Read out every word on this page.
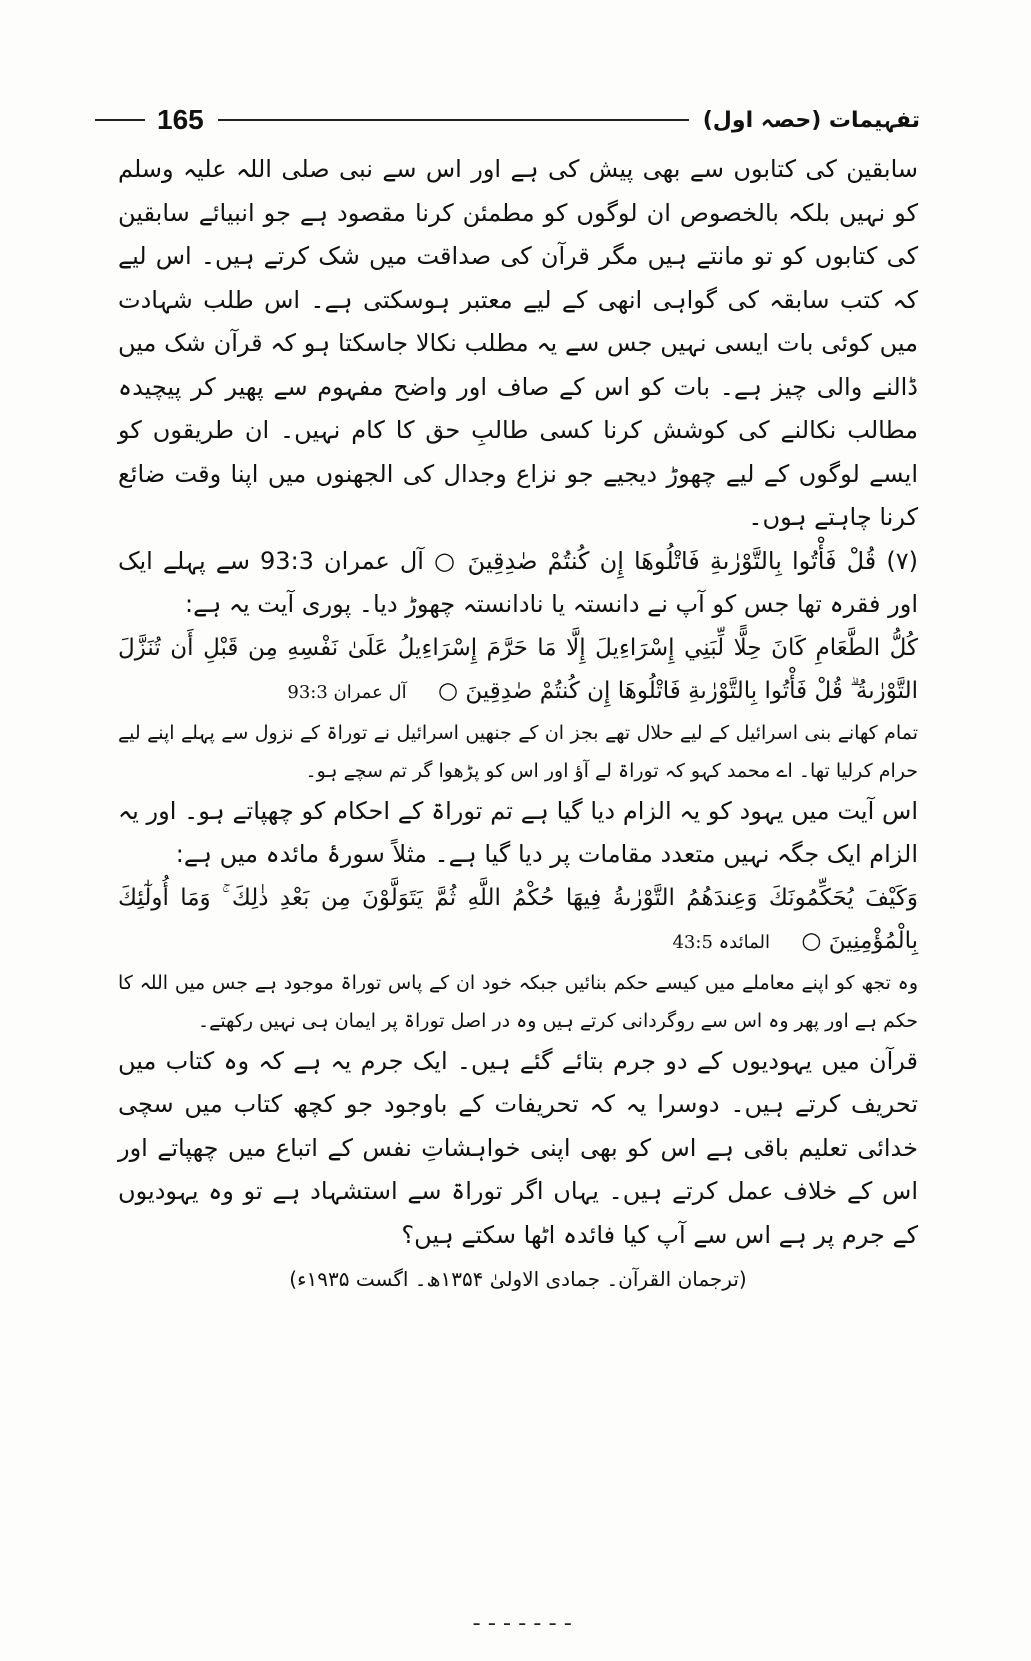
165	تفہیمات (حصہ اول)

سابقین کی کتابوں سے بھی پیش کی ہے اور اس سے نبی صلی اللہ علیہ وسلم کو نہیں بلکہ بالخصوص ان لوگوں کو مطمئن کرنا مقصود ہے جو انبیائے سابقین کی کتابوں کو تو مانتے ہیں مگر قرآن کی صداقت میں شک کرتے ہیں۔ اس لیے کہ کتب سابقہ کی گواہی انھی کے لیے معتبر ہوسکتی ہے۔ اس طلب شہادت میں کوئی بات ایسی نہیں جس سے یہ مطلب نکالا جاسکتا ہو کہ قرآن شک میں ڈالنے والی چیز ہے۔ بات کو اس کے صاف اور واضح مفہوم سے پھیر کر پیچیدہ مطالب نکالنے کی کوشش کرنا کسی طالبِ حق کا کام نہیں۔ ان طریقوں کو ایسے لوگوں کے لیے چھوڑ دیجیے جو نزاع وجدال کی الجھنوں میں اپنا وقت ضائع کرنا چاہتے ہوں۔

(۷) قُلْ فَأْتُوا بِالتَّوْرٰىةِ فَاتْلُوهَا إِن كُنتُمْ صٰدِقِينَ ○ آل عمران 93:3 سے پہلے ایک اور فقرہ تھا جس کو آپ نے دانستہ یا نادانستہ چھوڑ دیا۔ پوری آیت یہ ہے:

كُلُّ الطَّعَامِ كَانَ حِلًّا لِّبَنِي إِسْرَاءِيلَ إِلَّا مَا حَرَّمَ إِسْرَاءِيلُ عَلَىٰ نَفْسِهِ مِن قَبْلِ أَن تُنَزَّلَ التَّوْرٰىةُ ۗ قُلْ فَأْتُوا بِالتَّوْرٰىةِ فَاتْلُوهَا إِن كُنتُمْ صٰدِقِينَ ○ آل عمران 93:3

تمام کھانے بنی اسرائیل کے لیے حلال تھے بجز ان کے جنھیں اسرائیل نے توراۃ کے نزول سے پہلے اپنے لیے حرام کرلیا تھا۔ اے محمد کہو کہ توراۃ لے آؤ اور اس کو پڑھوا گر تم سچے ہو۔

اس آیت میں یہود کو یہ الزام دیا گیا ہے تم توراۃ کے احکام کو چھپاتے ہو۔ اور یہ الزام ایک جگہ نہیں متعدد مقامات پر دیا گیا ہے۔ مثلاً سورۂ مائدہ میں ہے:

وَكَيْفَ يُحَكِّمُونَكَ وَعِندَهُمُ التَّوْرٰىةُ فِيهَا حُكْمُ اللَّهِ ثُمَّ يَتَوَلَّوْنَ مِن بَعْدِ ذٰلِكَ ۚ وَمَا أُولٰٓئِكَ بِالْمُؤْمِنِينَ ○ المائدہ 43:5

وہ تجھ کو اپنے معاملے میں کیسے حکم بنائیں جبکہ خود ان کے پاس توراۃ موجود ہے جس میں اللہ کا حکم ہے اور پھر وہ اس سے روگردانی کرتے ہیں وہ در اصل توراۃ پر ایمان ہی نہیں رکھتے۔

قرآن میں یہودیوں کے دو جرم بتائے گئے ہیں۔ ایک جرم یہ ہے کہ وہ کتاب میں تحریف کرتے ہیں۔ دوسرا یہ کہ تحریفات کے باوجود جو کچھ کتاب میں سچی خدائی تعلیم باقی ہے اس کو بھی اپنی خواہشاتِ نفس کے اتباع میں چھپاتے اور اس کے خلاف عمل کرتے ہیں۔ یہاں اگر توراۃ سے استشہاد ہے تو وہ یہودیوں کے جرم پر ہے اس سے آپ کیا فائدہ اٹھا سکتے ہیں؟

(ترجمان القرآن۔ جمادی الاولیٰ ۱۳۵۴ھ۔ اگست ۱۹۳۵ء)

-------
